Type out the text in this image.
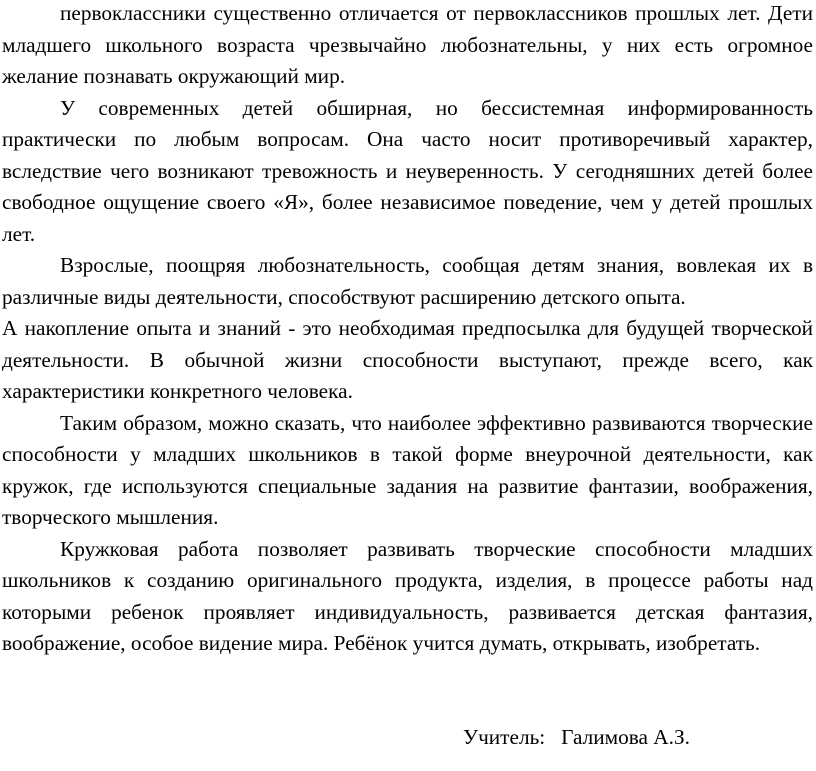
первоклассники существенно отличается от первоклассников прошлых лет. Дети младшего школьного возраста чрезвычайно любознательны, у них есть огромное желание познавать окружающий мир.

У современных детей обширная, но бессистемная информированность практически по любым вопросам. Она часто носит противоречивый характер, вследствие чего возникают тревожность и неуверенность. У сегодняшних детей более свободное ощущение своего «Я», более независимое поведение, чем у детей прошлых лет.

Взрослые, поощряя любознательность, сообщая детям знания, вовлекая их в различные виды деятельности, способствуют расширению детского опыта.

А накопление опыта и знаний - это необходимая предпосылка для будущей творческой деятельности. В обычной жизни способности выступают, прежде всего, как характеристики конкретного человека.

Таким образом, можно сказать, что наиболее эффективно развиваются творческие способности у младших школьников в такой форме внеурочной деятельности, как кружок, где используются специальные задания на развитие фантазии, воображения, творческого мышления.

Кружковая работа позволяет развивать творческие способности младших школьников к созданию оригинального продукта, изделия, в процессе работы над которыми ребенок проявляет индивидуальность, развивается детская фантазия, воображение, особое видение мира. Ребёнок учится думать, открывать, изобретать.

Учитель:   Галимова А.З.
